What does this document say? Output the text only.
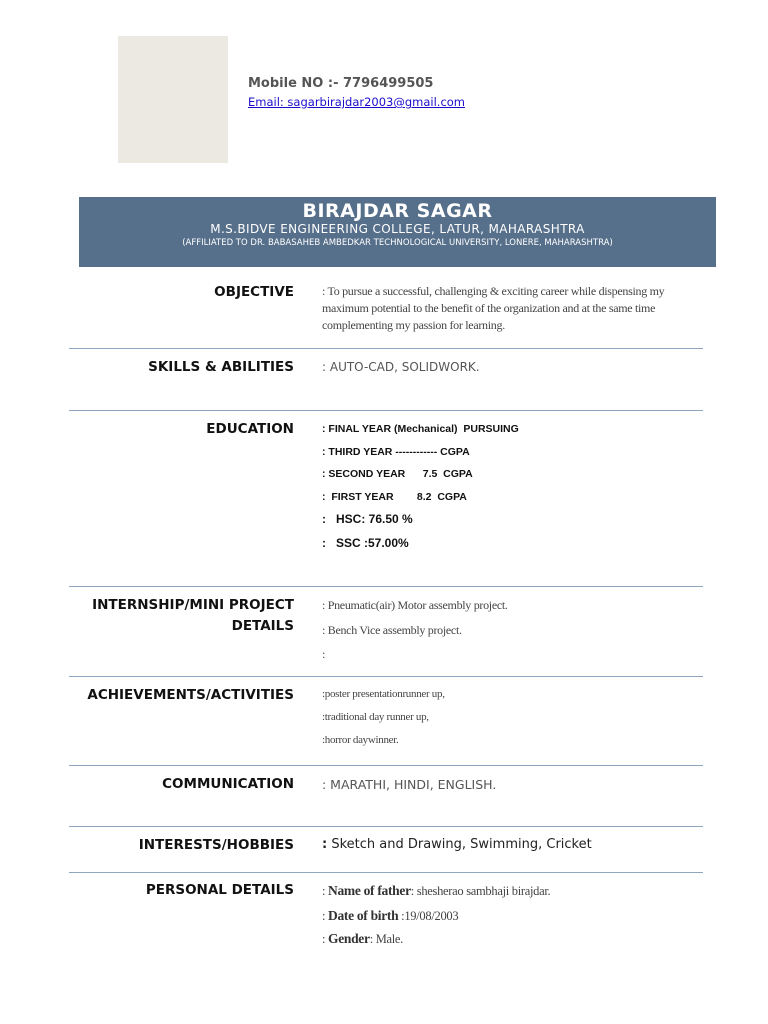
Mobile NO :- 7796499505
Email: sagarbirajdar2003@gmail.com
BIRAJDAR SAGAR
M.S.BIDVE ENGINEERING COLLEGE, LATUR, MAHARASHTRA
(AFFILIATED TO DR. BABASAHEB AMBEDKAR TECHNOLOGICAL UNIVERSITY, LONERE, MAHARASHTRA)
OBJECTIVE : To pursue a successful, challenging & exciting career while dispensing my maximum potential to the benefit of the organization and at the same time complementing my passion for learning.
SKILLS & ABILITIES : AUTO-CAD, SOLIDWORK.
EDUCATION	: FINAL YEAR (Mechanical)  PURSUING
: THIRD YEAR ------------ CGPA
: SECOND YEAR      7.5  CGPA
:  FIRST YEAR        8.2  CGPA
:   HSC: 76.50 %
:   SSC :57.00%
INTERNSHIP/MINI PROJECT
DETAILS
: Pneumatic(air) Motor assembly project.
: Bench Vice assembly project.
:
ACHIEVEMENTS/ACTIVITIES	:poster presentationrunner up,
:traditional day runner up,
:horror daywinner.
COMMUNICATION : MARATHI, HINDI, ENGLISH.
INTERESTS/HOBBIES : Sketch and Drawing, Swimming, Cricket
PERSONAL DETAILS : Name of father: shesherao sambhaji birajdar.
: Date of birth :19/08/2003
: Gender: Male.
